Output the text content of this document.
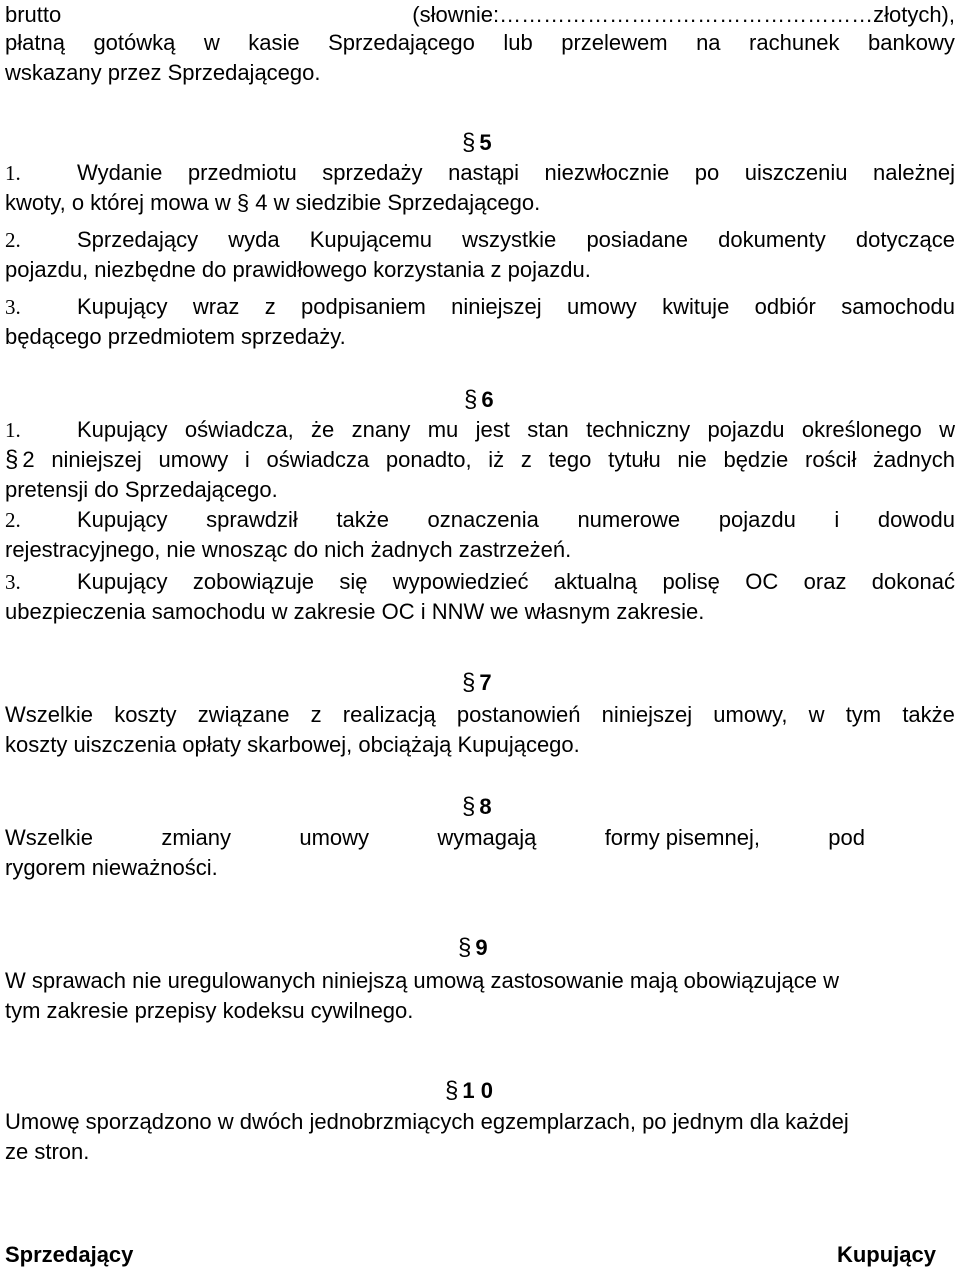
brutto	(słownie:……………………………………………złotych),
płatną gotówką w kasie Sprzedającego lub przelewem na rachunek bankowy
wskazany przez Sprzedającego.
§ 5
1.	Wydanie przedmiotu sprzedaży nastąpi niezwłocznie po uiszczeniu należnej
kwoty, o której mowa w § 4 w siedzibie Sprzedającego.
2.	Sprzedający wyda Kupującemu wszystkie posiadane dokumenty dotyczące
pojazdu, niezbędne do prawidłowego korzystania z pojazdu.
3.	Kupujący wraz z podpisaniem niniejszej umowy kwituje odbiór samochodu
będącego przedmiotem sprzedaży.
§ 6
1.	Kupujący oświadcza, że znany mu jest stan techniczny pojazdu określonego w
§ 2 niniejszej umowy i oświadcza ponadto, iż z tego tytułu nie będzie rościł żadnych
pretensji do Sprzedającego.
2.	Kupujący sprawdził także oznaczenia numerowe pojazdu i dowodu
rejestracyjnego, nie wnosząc do nich żadnych zastrzeżeń.
3.	Kupujący zobowiązuje się wypowiedzieć aktualną polisę OC oraz dokonać
ubezpieczenia samochodu w zakresie OC i NNW we własnym zakresie.
§ 7
Wszelkie koszty związane z realizacją postanowień niniejszej umowy, w tym także
koszty uiszczenia opłaty skarbowej, obciążają Kupującego.
§ 8
Wszelkie	zmiany	umowy	wymagają	formy pisemnej,	pod
rygorem nieważności.
§ 9
W sprawach nie uregulowanych niniejszą umową zastosowanie mają obowiązujące w
tym zakresie przepisy kodeksu cywilnego.
§ 1 0
Umowę sporządzono w dwóch jednobrzmiących egzemplarzach, po jednym dla każdej
ze stron.
Sprzedający	Kupujący
